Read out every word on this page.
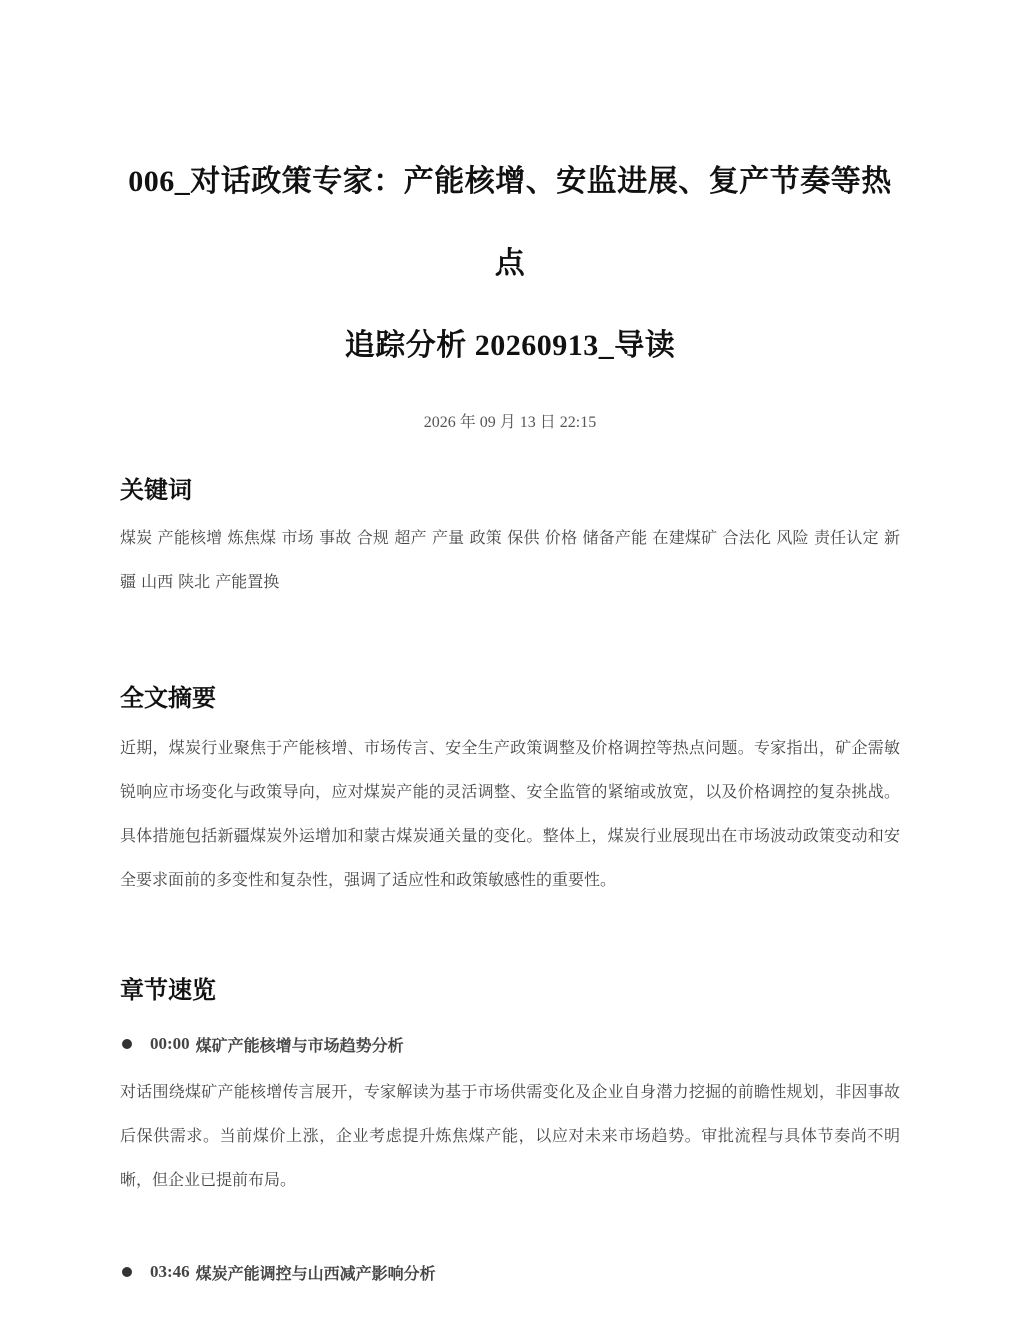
006_对话政策专家：产能核增、安监进展、复产节奏等热点
追踪分析 20260913_导读
2026 年 09 月 13 日 22:15
关键词

煤炭 产能核增 炼焦煤 市场 事故 合规 超产 产量 政策 保供 价格 储备产能 在建煤矿 合法化 风险 责任认定 新疆 山西 陕北 产能置换

全文摘要

近期，煤炭行业聚焦于产能核增、市场传言、安全生产政策调整及价格调控等热点问题。专家指出，矿企需敏锐响应市场变化与政策导向，应对煤炭产能的灵活调整、安全监管的紧缩或放宽，以及价格调控的复杂挑战。具体措施包括新疆煤炭外运增加和蒙古煤炭通关量的变化。整体上，煤炭行业展现出在市场波动政策变动和安全要求面前的多变性和复杂性，强调了适应性和政策敏感性的重要性。

章节速览
00:00 煤矿产能核增与市场趋势分析

对话围绕煤矿产能核增传言展开，专家解读为基于市场供需变化及企业自身潜力挖掘的前瞻性规划，非因事故后保供需求。当前煤价上涨，企业考虑提升炼焦煤产能，以应对未来市场趋势。审批流程与具体节奏尚不明晰，但企业已提前布局。

03:46 煤炭产能调控与山西减产影响分析
